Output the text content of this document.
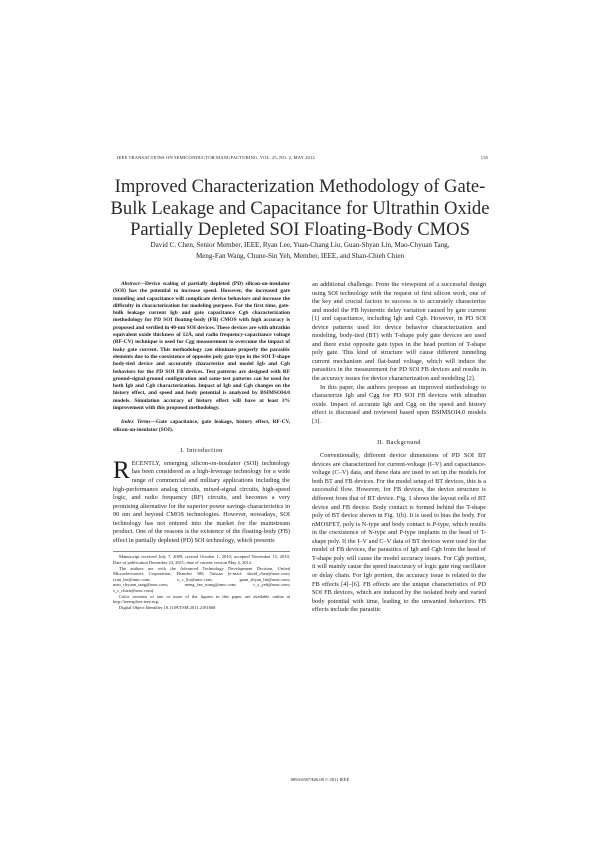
IEEE TRANSACTIONS ON SEMICONDUCTOR MANUFACTURING, VOL. 25, NO. 2, MAY 2012	135
Improved Characterization Methodology of Gate-Bulk Leakage and Capacitance for Ultrathin Oxide Partially Depleted SOI Floating-Body CMOS
David C. Chen, Senior Member, IEEE, Ryan Lee, Yuan-Chang Liu, Guan-Shyan Lin, Mao-Chyuan Tang,
Meng-Fan Wang, Chune-Sin Yeh, Member, IEEE, and Shan-Chieh Chien

Abstract—Device scaling of partially depleted (PD) silicon-on-insulator (SOI) has the potential to increase speed. However, the increased gate tunneling and capacitance will complicate device behaviors and increase the difficulty in characterization for modeling purpose. For the first time, gate-bulk leakage current Igb and gate capacitance Cgb characterization methodology for PD SOI floating-body (FB) CMOS with high accuracy is proposed and verified in 40-nm SOI devices. These devices are with ultrathin equivalent oxide thickness of 12Å, and radio frequency-capacitance voltage (RF-CV) technique is used for Cgg measurement to overcome the impact of leaky gate current. This methodology can eliminate properly the parasitic elements due to the coexistence of opposite poly gate type in the SOI T-shape body-tied device and accurately characterize and model Igb and Cgb behaviors for the PD SOI FB devices. Test patterns are designed with RF ground-signal-ground configuration and same test patterns can be used for both Igb and Cgb characterization. Impact of Igb and Cgb changes on the history effect, and speed and body potential is analyzed by BSIMSOI4.0 models. Simulation accuracy of history effect will have at least 3% improvement with this proposed methodology.

Index Terms—Gate capacitance, gate leakage, history effect, RF-CV, silicon-on-insulator (SOI).

I. Introduction

RECENTLY, emerging silicon-on-insulator (SOI) technology has been considered as a high-leverage technology for a wide range of commercial and military applications including the high-performance analog circuits, mixed-signal circuits, high-speed logic, and radio frequency (RF) circuits, and becomes a very promising alternative for the superior power savings characteristics in 90 nm and beyond CMOS technologies. However, nowadays, SOI technology has not entered into the market for the mainstream product. One of the reasons is the existence of the floating-body (FB) effect in partially depleted (PD) SOI technology, which presents

Manuscript received July 7, 2009; revised October 1, 2010; accepted November 15, 2010. Date of publication December 23, 2011; date of current version May 4, 2012.

The authors are with the Advanced Technology Development Division, United Microelectronics Corporation, Hsinchu 300, Taiwan (e-mail: david_chen@umc.com; ryan_lee@umc.com; u_c_liu@umc.com; guan_shyan_lin@umc.com; mao_chyuan_tang@umc.com; meng_fan_wang@umc.com; c_s_yeh@umc.com; s_c_chien@umc.com).

Color versions of one or more of the figures in this paper are available online at http://ieeexplore.ieee.org.

Digital Object Identifier 10.1109/TSM.2011.2181668

an additional challenge. From the viewpoint of a successful design using SOI technology with the request of first silicon work, one of the key and crucial factors to success is to accurately characterize and model the FB hysteretic delay variation caused by gate current [1] and capacitance, including Igb and Cgb. However, in PD SOI device patterns used for device behavior characterization and modeling, body-tied (BT) with T-shape poly gate devices are used and there exist opposite gate types in the head portion of T-shape poly gate. This kind of structure will cause different tunneling current mechanism and flat-band voltage, which will induce the parasitics in the measurement for PD SOI FB devices and results in the accuracy issues for device characterization and modeling [2].

In this paper, the authors propose an improved methodology to characterize Igb and Cgg for PD SOI FB devices with ultrathin oxide. Impact of accurate Igb and Cgg on the speed and history effect is discussed and reviewed based upon BSIMSOI4.0 models [3].

II. Background

Conventionally, different device dimensions of PD SOI BT devices are characterized for current-voltage (I–V) and capacitance-voltage (C–V) data, and these data are used to set up the models for both BT and FB devices. For the model setup of BT devices, this is a successful flow. However, for FB devices, the device structure is different from that of BT device. Fig. 1 shows the layout cells of BT device and FB device. Body contact is formed behind the T-shape poly of BT device shown in Fig. 1(b). It is used to bias the body. For nMOSFET, poly is N-type and body contact is P-type, which results in the coexistence of N-type and P-type implants in the head of T-shape poly. If the I–V and C–V data of BT devices were used for the model of FB devices, the parasitics of Igb and Cgb from the head of T-shape poly will cause the model accuracy issues. For Cgb portion, it will mainly cause the speed inaccuracy of logic gate ring oscillator or delay chain. For Igb portion, the accuracy issue is related to the FB effects [4]–[6]. FB effects are the unique characteristics of PD SOI FB devices, which are induced by the isolated body and varied body potential with time, leading to the unwanted behaviors. FB effects include the parasitic

0894-6507/$26.00 © 2011 IEEE
